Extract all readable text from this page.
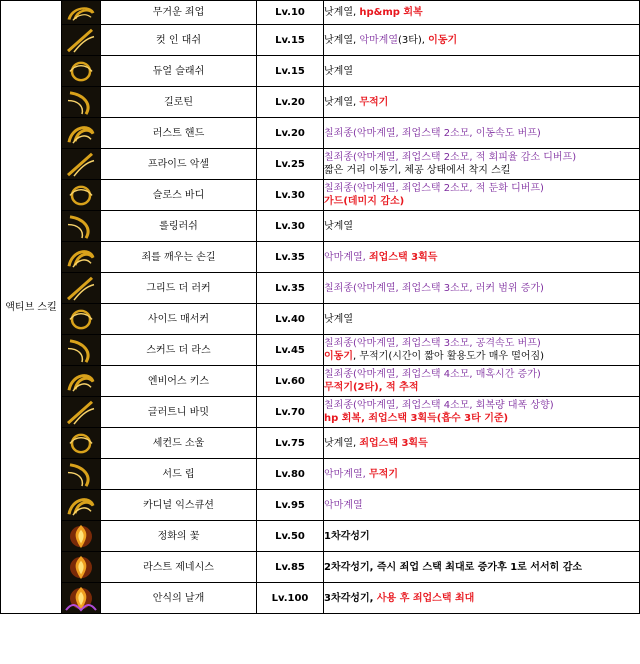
액티브 스킬		무거운 죄업	Lv.10	낫계열, hp&mp 회복

	컷 인 대쉬	Lv.15	낫계열, 악마계열(3타), 이동기

	듀얼 슬래쉬	Lv.15	낫계열

	길로틴	Lv.20	낫계열, 무적기

	러스트 핸드	Lv.20	칠죄종(악마계열, 죄업스택 2소모, 이동속도 버프)

	프라이드 악셀	Lv.25	칠죄종(악마계열, 죄업스택 2소모, 적 회피율 감소 디버프)
짧은 거리 이동기, 체공 상태에서 착지 스킬

	슬로스 바디	Lv.30	칠죄종(악마계열, 죄업스택 2소모, 적 둔화 디버프)
가드(데미지 감소)

	롤링러쉬	Lv.30	낫계열

	죄를 깨우는 손길	Lv.35	악마계열, 죄업스택 3획득

	그리드 더 러커	Lv.35	칠죄종(악마계열, 죄업스택 3소모, 러커 범위 증가)

	사이드 매서커	Lv.40	낫계열

	스커드 더 라스	Lv.45	칠죄종(악마계열, 죄업스택 3소모, 공격속도 버프)
이동기, 무적기(시간이 짧아 활용도가 매우 떨어짐)

	엔비어스 키스	Lv.60	칠죄종(악마계열, 죄업스택 4소모, 매혹시간 증가)
무적기(2타), 적 추적

	글러트니 바밋	Lv.70	칠죄종(악마계열, 죄업스택 4소모, 회복량 대폭 상향)
hp 회복, 죄업스택 3획득(흡수 3타 기준)

	세컨드 소울	Lv.75	낫계열, 죄업스택 3획득

	서드 립	Lv.80	악마계열, 무적기

	카디널 익스큐션	Lv.95	악마계열

	정화의 꽃	Lv.50	1차각성기

	라스트 제네시스	Lv.85	2차각성기, 즉시 죄업 스택 최대로 증가후 1로 서서히 감소

	안식의 날개	Lv.100	3차각성기, 사용 후 죄업스택 최대
